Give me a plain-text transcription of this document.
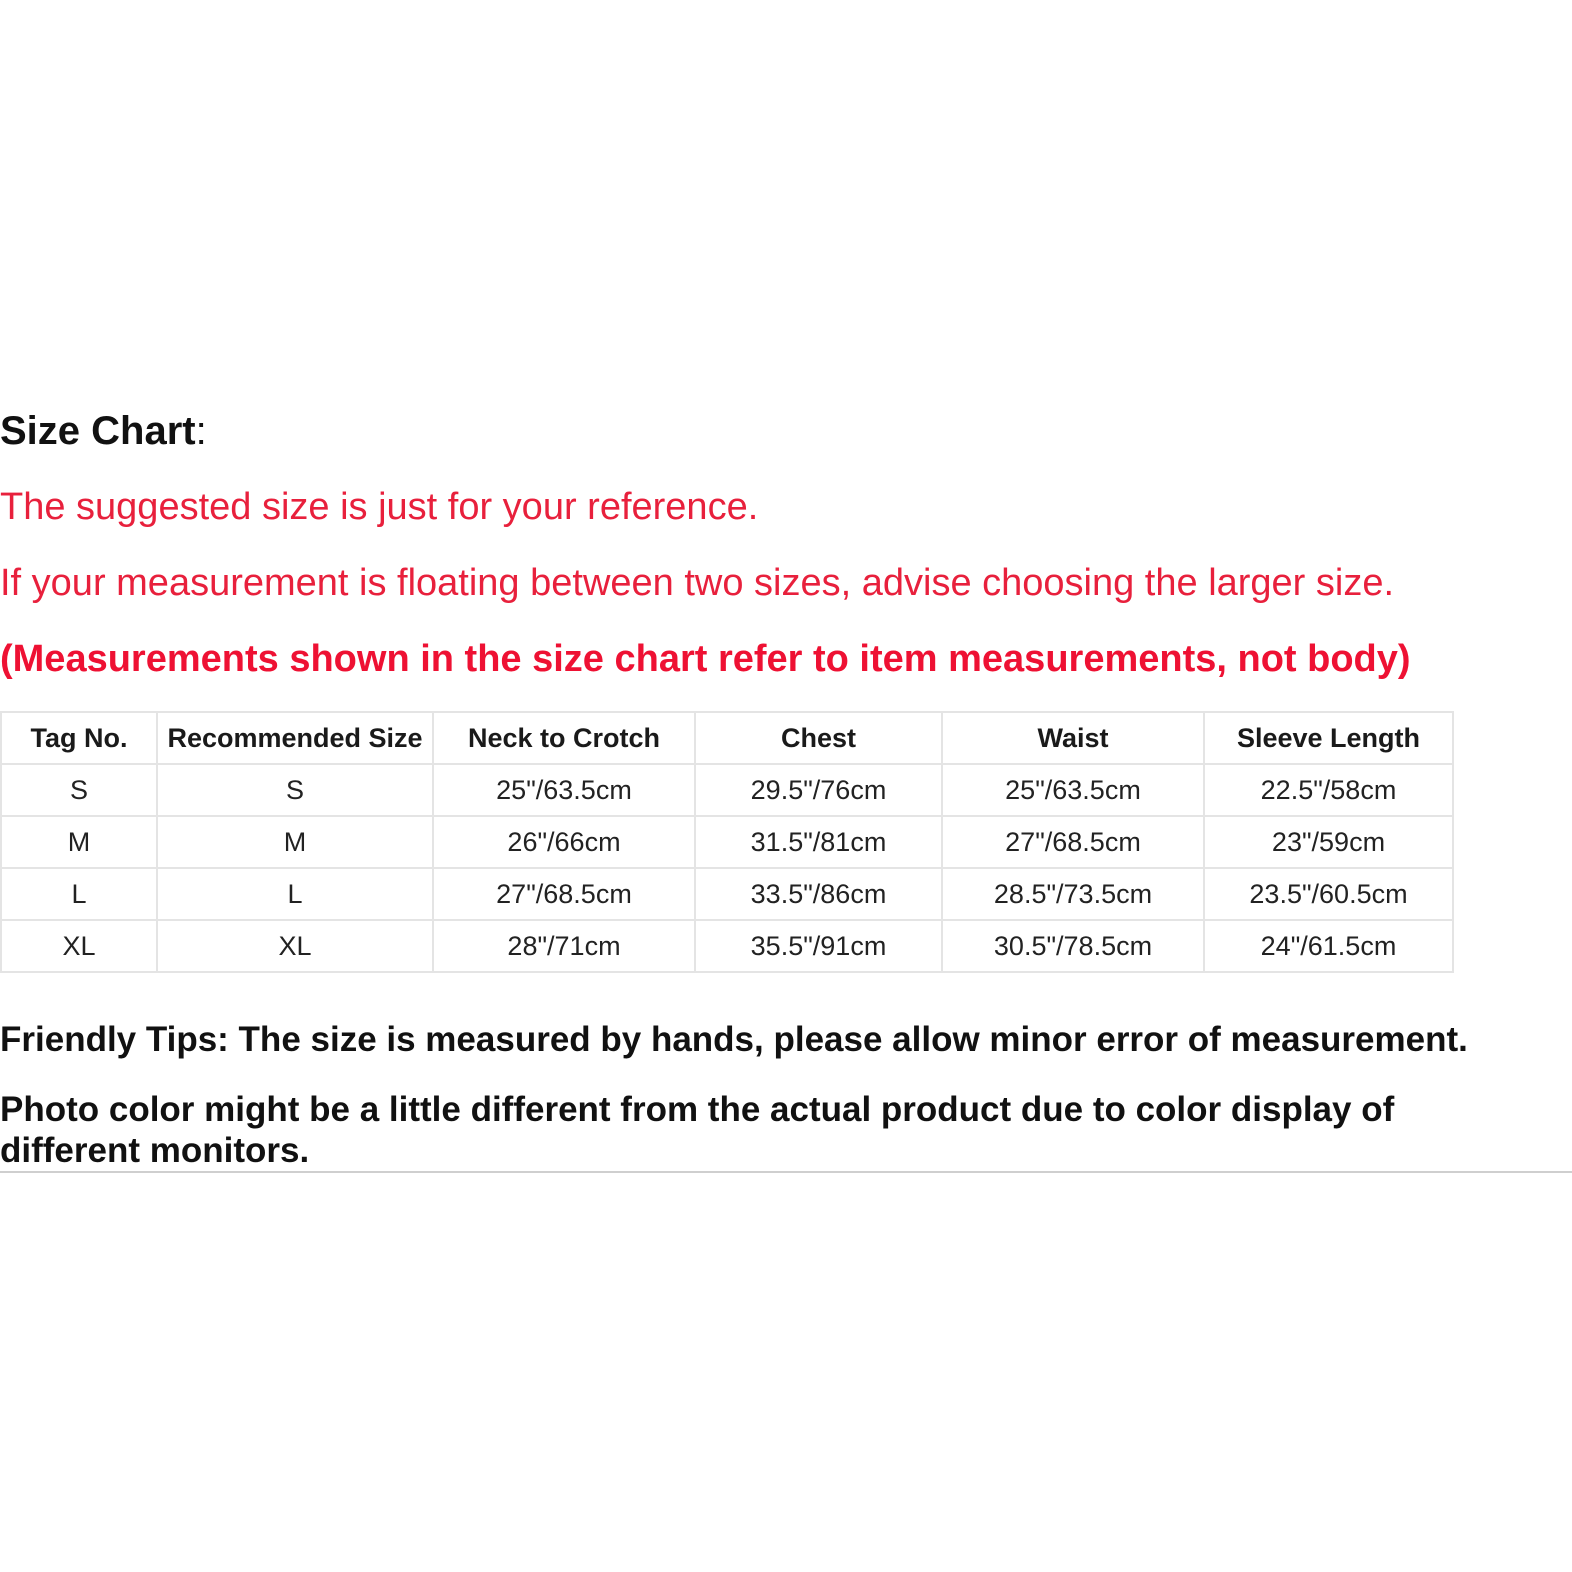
Size Chart:

The suggested size is just for your reference.

If your measurement is floating between two sizes, advise choosing the larger size.

(Measurements shown in the size chart refer to item measurements, not body)

Tag No.	Recommended Size	Neck to Crotch	Chest	Waist	Sleeve Length
S	S	25"/63.5cm	29.5"/76cm	25"/63.5cm	22.5"/58cm
M	M	26"/66cm	31.5"/81cm	27"/68.5cm	23"/59cm
L	L	27"/68.5cm	33.5"/86cm	28.5"/73.5cm	23.5"/60.5cm
XL	XL	28"/71cm	35.5"/91cm	30.5"/78.5cm	24"/61.5cm

Friendly Tips: The size is measured by hands, please allow minor error of measurement.

Photo color might be a little different from the actual product due to color display of different monitors.
